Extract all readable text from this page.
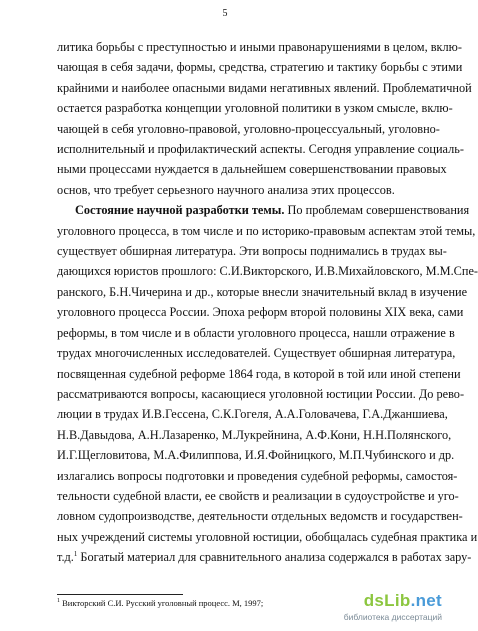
5
литика борьбы с преступностью и иными правонарушениями в целом, вклю-
чающая в себя задачи, формы, средства, стратегию и тактику борьбы с этими
крайними и наиболее опасными видами негативных явлений. Проблематичной
остается разработка концепции уголовной политики в узком смысле, вклю-
чающей в себя уголовно-правовой, уголовно-процессуальный, уголовно-
исполнительный и профилактический аспекты. Сегодня управление социаль-
ными процессами нуждается в дальнейшем совершенствовании правовых
основ, что требует серьезного научного анализа этих процессов.
Состояние научной разработки темы. По проблемам совершенствования
уголовного процесса, в том числе и по историко-правовым аспектам этой темы,
существует обширная литература. Эти вопросы поднимались в трудах вы-
дающихся юристов прошлого: С.И.Викторского, И.В.Михайловского, М.М.Спе-
ранского, Б.Н.Чичерина и др., которые внесли значительный вклад в изучение
уголовного процесса России. Эпоха реформ второй половины XIX века, сами
реформы, в том числе и в области уголовного процесса, нашли отражение в
трудах многочисленных исследователей. Существует обширная литература,
посвященная судебной реформе 1864 года, в которой в той или иной степени
рассматриваются вопросы, касающиеся уголовной юстиции России. До рево-
люции в трудах И.В.Гессена, С.К.Гогеля, А.А.Головачева, Г.А.Джаншиева,
Н.В.Давыдова, А.Н.Лазаренко, М.Лукрейнина, А.Ф.Кони, Н.Н.Полянского,
И.Г.Щегловитова, М.А.Филиппова, И.Я.Фойницкого, М.П.Чубинского и др.
излагались вопросы подготовки и проведения судебной реформы, самостоя-
тельности судебной власти, ее свойств и реализации в судоустройстве и уго-
ловном судопроизводстве, деятельности отдельных ведомств и государствен-
ных учреждений системы уголовной юстиции, обобщалась судебная практика и
т.д.$^1$ Богатый материал для сравнительного анализа содержался в работах зару-
$^1$ Викторский С.И. Русский уголовный процесс. М, 1997;	dsLib.net
библиотека диссертаций
